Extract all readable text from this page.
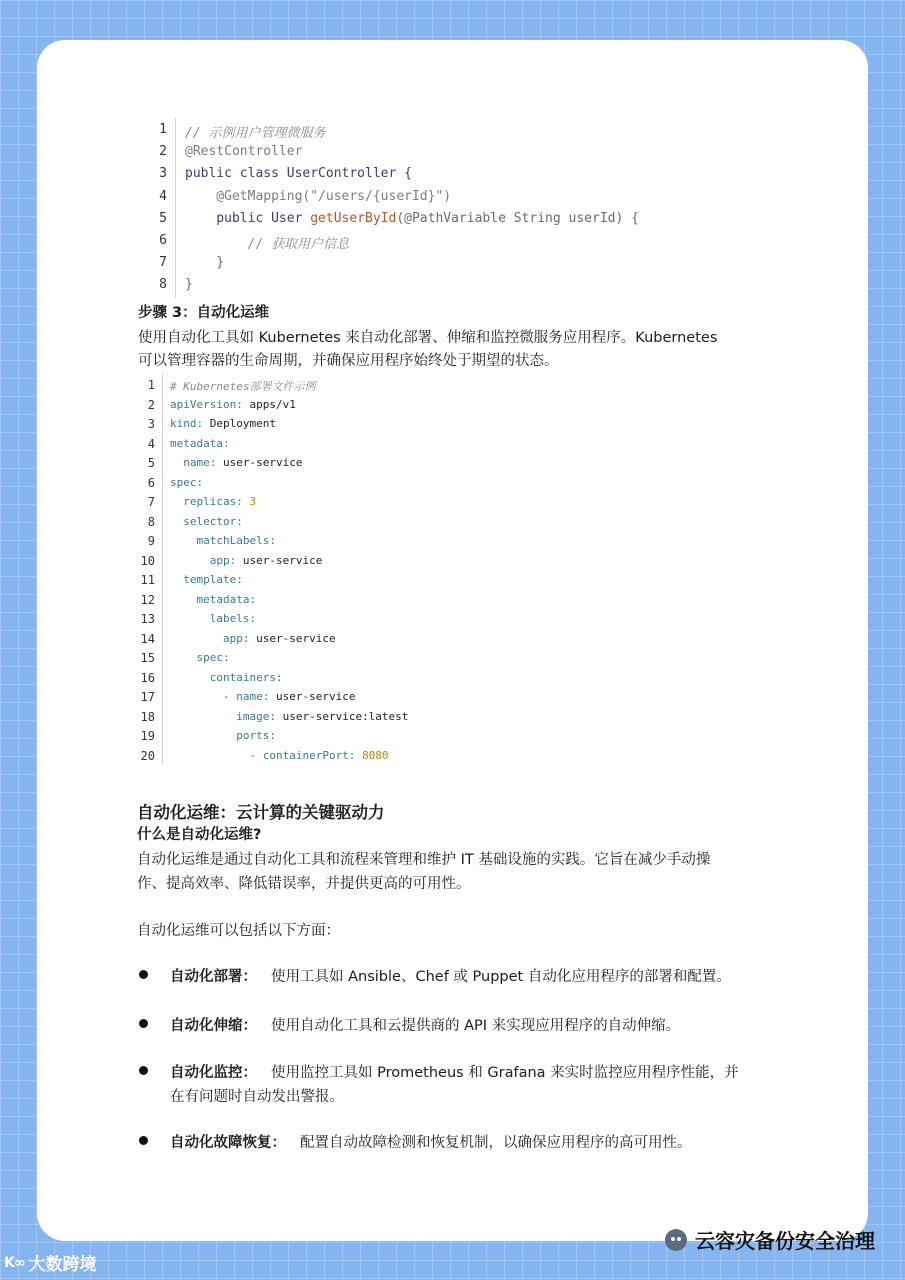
1 // 示例用户管理微服务
2 @RestController
3 public class UserController {
4 @GetMapping("/users/{userId}")
5 public User getUserById(@PathVariable String userId) {
6 // 获取用户信息
7 }
8 }
步骤 3：自动化运维
使用自动化工具如 Kubernetes 来自动化部署、伸缩和监控微服务应用程序。Kubernetes
可以管理容器的生命周期，并确保应用程序始终处于期望的状态。
1 # Kubernetes部署文件示例
2 apiVersion: apps/v1
3 kind: Deployment
4 metadata:
5 name: user-service
6 spec:
7 replicas: 3
8 selector:
9 matchLabels:
10 app: user-service
11 template:
12 metadata:
13 labels:
14 app: user-service
15 spec:
16 containers:
17 - name: user-service
18 image: user-service:latest
19 ports:
20 - containerPort: 8080
自动化运维：云计算的关键驱动力
什么是自动化运维?
自动化运维是通过自动化工具和流程来管理和维护 IT 基础设施的实践。它旨在减少手动操
作、提高效率、降低错误率，并提供更高的可用性。
自动化运维可以包括以下方面：
自动化部署： 使用工具如 Ansible、Chef 或 Puppet 自动化应用程序的部署和配置。
自动化伸缩： 使用自动化工具和云提供商的 API 来实现应用程序的自动伸缩。
自动化监控： 使用监控工具如 Prometheus 和 Grafana 来实时监控应用程序性能，并
在有问题时自动发出警报。
自动化故障恢复： 配置自动故障检测和恢复机制，以确保应用程序的高可用性。
K∞ 大数跨境
云容灾备份安全治理
